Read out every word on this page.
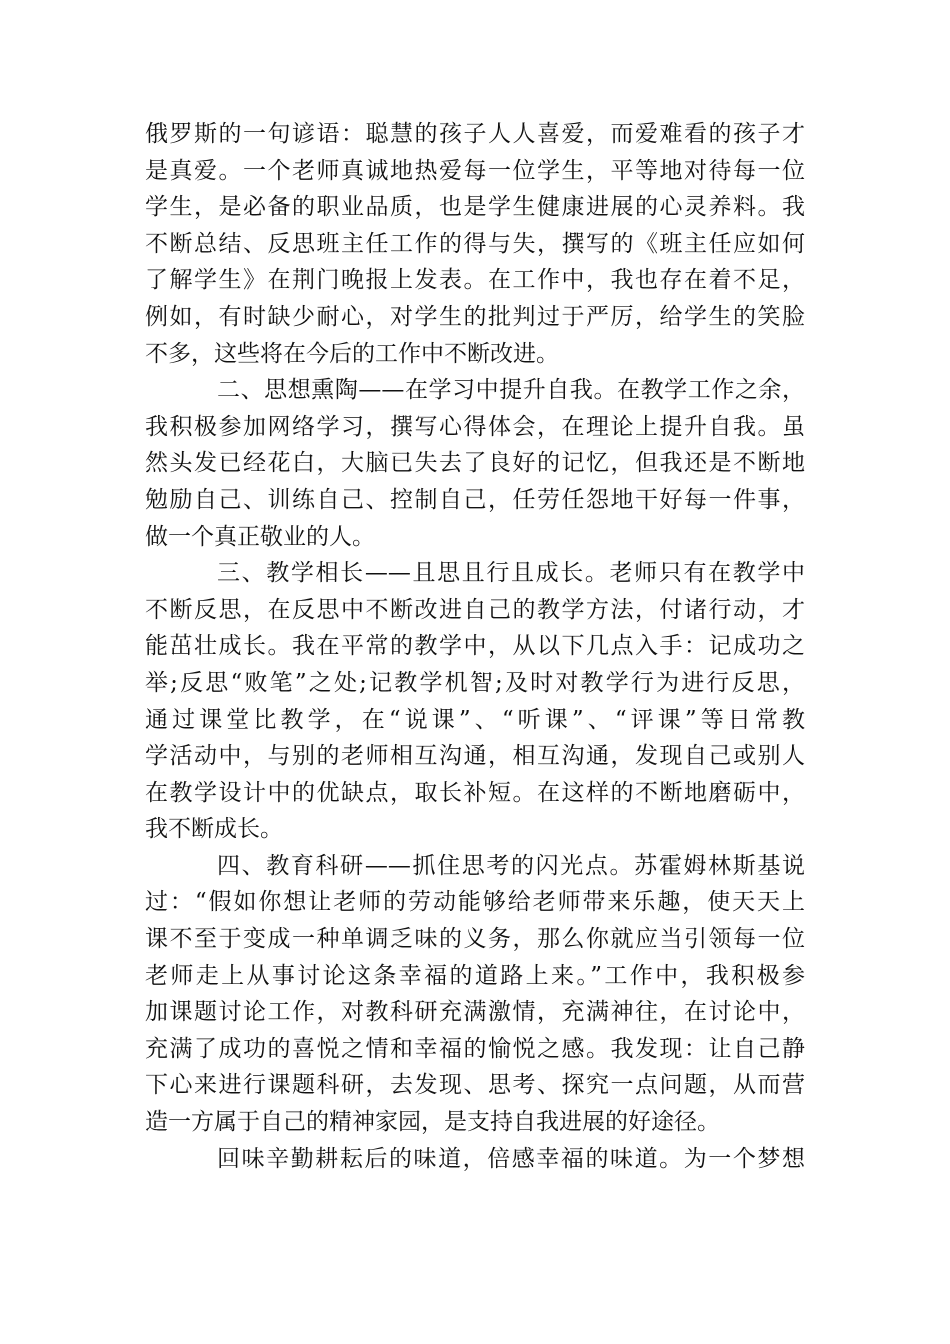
俄罗斯的一句谚语：聪慧的孩子人人喜爱，而爱难看的孩子才
是真爱。一个老师真诚地热爱每一位学生，平等地对待每一位
学生，是必备的职业品质，也是学生健康进展的心灵养料。我
不断总结、反思班主任工作的得与失，撰写的《班主任应如何
了解学生》在荆门晚报上发表。在工作中，我也存在着不足，
例如，有时缺少耐心，对学生的批判过于严厉，给学生的笑脸
不多，这些将在今后的工作中不断改进。
二、思想熏陶——在学习中提升自我。在教学工作之余，
我积极参加网络学习，撰写心得体会，在理论上提升自我。虽
然头发已经花白，大脑已失去了良好的记忆，但我还是不断地
勉励自己、训练自己、控制自己，任劳任怨地干好每一件事，
做一个真正敬业的人。
三、教学相长——且思且行且成长。老师只有在教学中
不断反思，在反思中不断改进自己的教学方法，付诸行动，才
能茁壮成长。我在平常的教学中，从以下几点入手：记成功之
举;反思“败笔”之处;记教学机智;及时对教学行为进行反思，
通过课堂比教学，在“说课”、“听课”、“评课”等日常教
学活动中，与别的老师相互沟通，相互沟通，发现自己或别人
在教学设计中的优缺点，取长补短。在这样的不断地磨砺中，
我不断成长。
四、教育科研——抓住思考的闪光点。苏霍姆林斯基说
过：“假如你想让老师的劳动能够给老师带来乐趣，使天天上
课不至于变成一种单调乏味的义务，那么你就应当引领每一位
老师走上从事讨论这条幸福的道路上来。”工作中，我积极参
加课题讨论工作，对教科研充满激情，充满神往，在讨论中，
充满了成功的喜悦之情和幸福的愉悦之感。我发现：让自己静
下心来进行课题科研，去发现、思考、探究一点问题，从而营
造一方属于自己的精神家园，是支持自我进展的好途径。
回味辛勤耕耘后的味道，倍感幸福的味道。为一个梦想
